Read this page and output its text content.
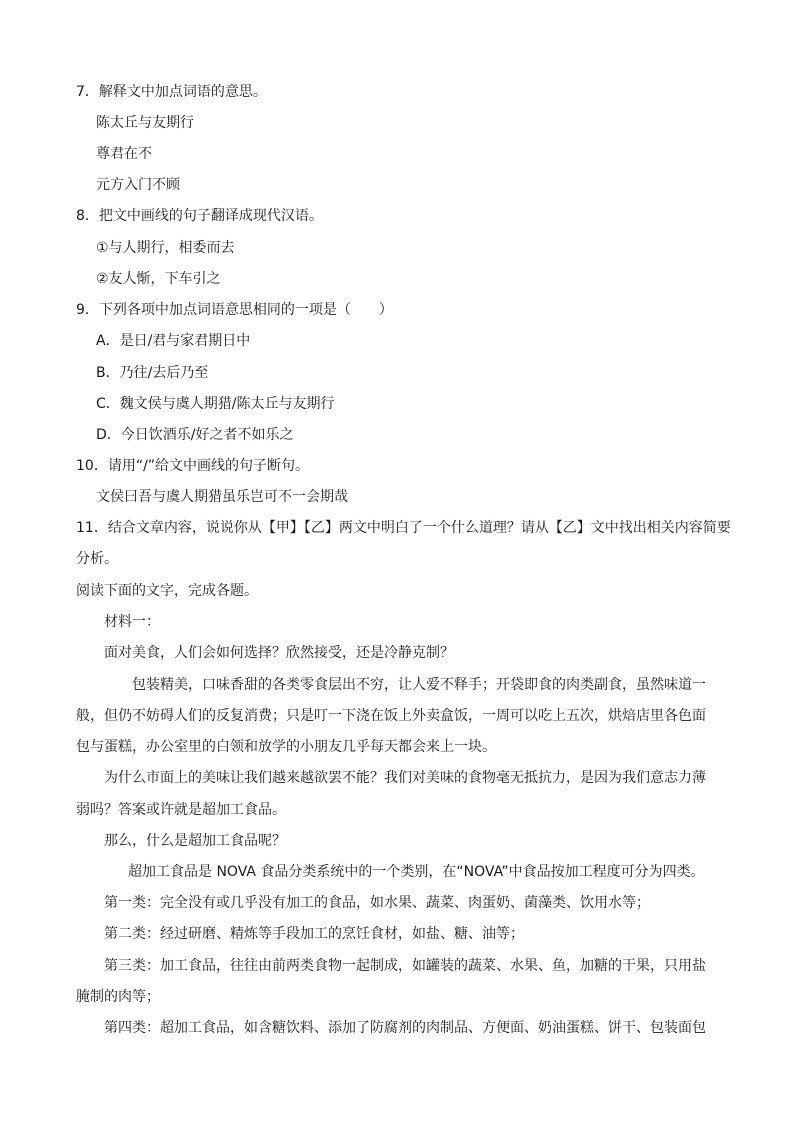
7．解释文中加点词语的意思。
陈太丘与友期行
尊君在不
元方入门不顾
8．把文中画线的句子翻译成现代汉语。
①与人期行，相委而去
②友人惭，下车引之
9．下列各项中加点词语意思相同的一项是（　　）
A．是日/君与家君期日中
B．乃往/去后乃至
C．魏文侯与虞人期猎/陈太丘与友期行
D．今日饮酒乐/好之者不如乐之
10．请用“/”给文中画线的句子断句。
文侯曰吾与虞人期猎虽乐岂可不一会期哉
11．结合文章内容，说说你从【甲】【乙】两文中明白了一个什么道理？请从【乙】文中找出相关内容简要
分析。
阅读下面的文字，完成各题。
材料一：
面对美食，人们会如何选择？欣然接受，还是冷静克制？
包装精美，口味香甜的各类零食层出不穷，让人爱不释手；开袋即食的肉类副食，虽然味道一
般，但仍不妨碍人们的反复消费；只是叮一下浇在饭上外卖盒饭，一周可以吃上五次，烘焙店里各色面
包与蛋糕，办公室里的白领和放学的小朋友几乎每天都会来上一块。
为什么市面上的美味让我们越来越欲罢不能？我们对美味的食物毫无抵抗力，是因为我们意志力薄
弱吗？答案或许就是超加工食品。
那么，什么是超加工食品呢？
超加工食品是 NOVA 食品分类系统中的一个类别，在“NOVA”中食品按加工程度可分为四类。
第一类：完全没有或几乎没有加工的食品，如水果、蔬菜、肉蛋奶、菌藻类、饮用水等；
第二类：经过研磨、精炼等手段加工的烹饪食材，如盐、糖、油等；
第三类：加工食品，往往由前两类食物一起制成，如罐装的蔬菜、水果、鱼，加糖的干果，只用盐
腌制的肉等；
第四类：超加工食品，如含糖饮料、添加了防腐剂的肉制品、方便面、奶油蛋糕、饼干、包装面包
